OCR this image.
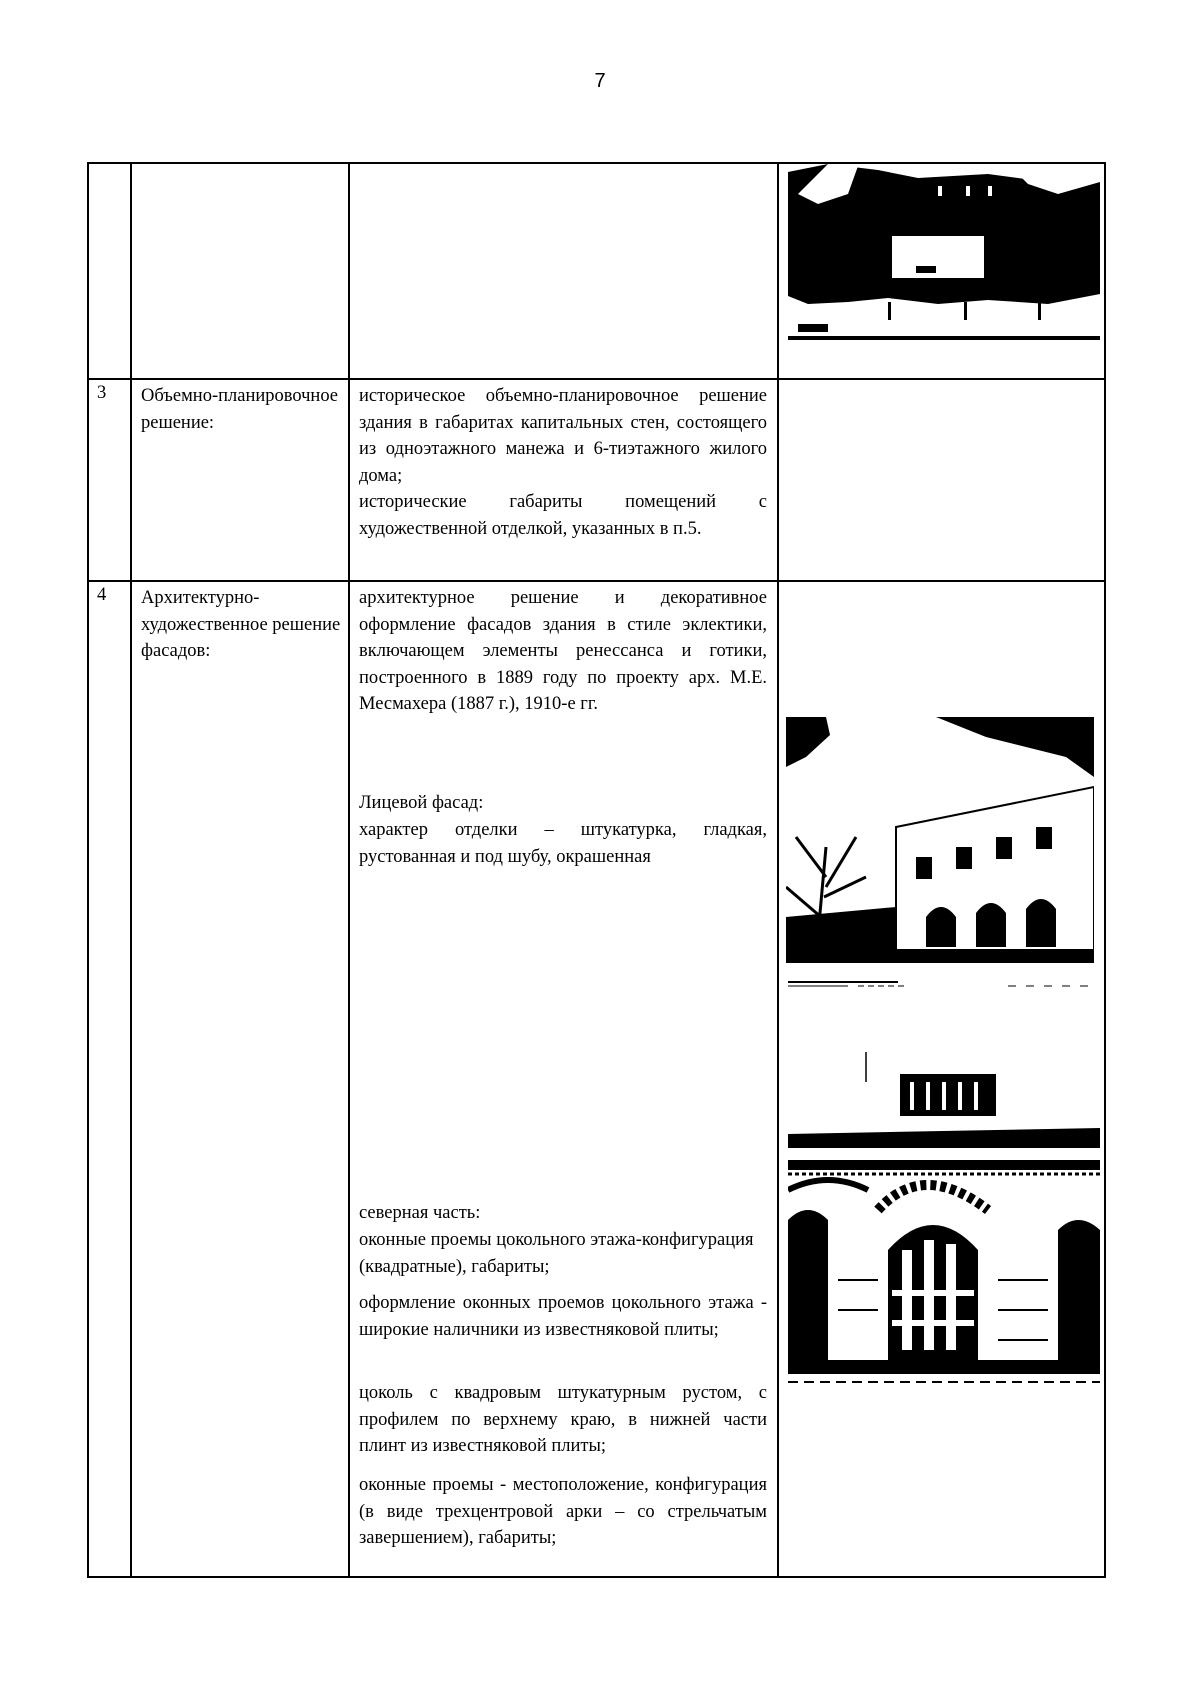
7
3 Объемно-планировочное решение:
историческое объемно-планировочное решение здания в габаритах капитальных стен, состоящего из одноэтажного манежа и 6-тиэтажного жилого дома;
исторические габариты помещений с художественной отделкой, указанных в п.5.
4 Архитектурно-художественное решение фасадов:
архитектурное решение и декоративное оформление фасадов здания в стиле эклектики, включающем элементы ренессанса и готики, построенного в 1889 году по проекту арх. М.Е. Месмахера (1887 г.), 1910-е гг.
Лицевой фасад:
характер отделки – штукатурка, гладкая, рустованная и под шубу, окрашенная
северная часть:
оконные проемы цокольного этажа-конфигурация (квадратные), габариты;
оформление оконных проемов цокольного этажа - широкие наличники из известняковой плиты;
цоколь с квадровым штукатурным рустом, с профилем по верхнему краю, в нижней части плинт из известняковой плиты;
оконные проемы - местоположение, конфигурация (в виде трехцентровой арки – со стрельчатым завершением), габариты;
